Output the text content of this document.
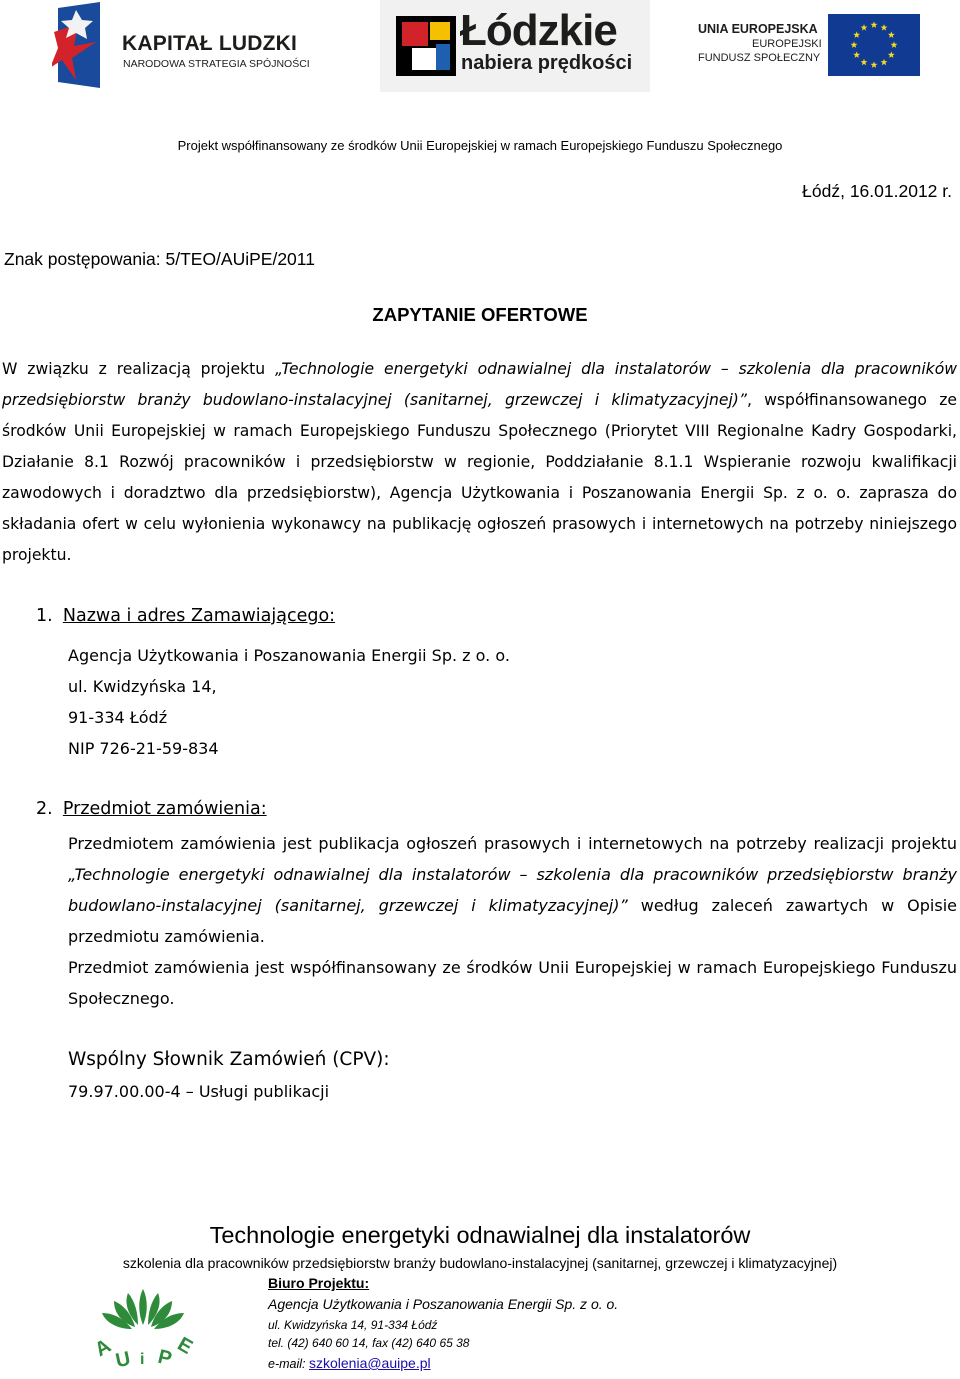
KAPITAŁ LUDZKI
NARODOWA STRATEGIA SPÓJNOŚCI
Łódzkie
nabiera prędkości
UNIA EUROPEJSKA
EUROPEJSKI
FUNDUSZ SPOŁECZNY
Projekt współfinansowany ze środków Unii Europejskiej w ramach Europejskiego Funduszu Społecznego
Łódź, 16.01.2012 r.
Znak postępowania: 5/TEO/AUiPE/2011
ZAPYTANIE OFERTOWE
W związku z realizacją projektu „Technologie energetyki odnawialnej dla instalatorów – szkolenia dla pracowników przedsiębiorstw branży budowlano-instalacyjnej (sanitarnej, grzewczej i klimatyzacyjnej)”, współfinansowanego ze środków Unii Europejskiej w ramach Europejskiego Funduszu Społecznego (Priorytet VIII Regionalne Kadry Gospodarki, Działanie 8.1 Rozwój pracowników i przedsiębiorstw w regionie, Poddziałanie 8.1.1 Wspieranie rozwoju kwalifikacji zawodowych i doradztwo dla przedsiębiorstw), Agencja Użytkowania i Poszanowania Energii Sp. z o. o. zaprasza do składania ofert w celu wyłonienia wykonawcy na publikację ogłoszeń prasowych i internetowych na potrzeby niniejszego projektu.
1. Nazwa i adres Zamawiającego:
Agencja Użytkowania i Poszanowania Energii Sp. z o. o.
ul. Kwidzyńska 14,
91-334 Łódź
NIP 726-21-59-834
2. Przedmiot zamówienia:
Przedmiotem zamówienia jest publikacja ogłoszeń prasowych i internetowych na potrzeby realizacji projektu „Technologie energetyki odnawialnej dla instalatorów – szkolenia dla pracowników przedsiębiorstw branży budowlano-instalacyjnej (sanitarnej, grzewczej i klimatyzacyjnej)” według zaleceń zawartych w Opisie przedmiotu zamówienia.
Przedmiot zamówienia jest współfinansowany ze środków Unii Europejskiej w ramach Europejskiego Funduszu Społecznego.
Wspólny Słownik Zamówień (CPV):
79.97.00.00-4 – Usługi publikacji
Technologie energetyki odnawialnej dla instalatorów
szkolenia dla pracowników przedsiębiorstw branży budowlano-instalacyjnej (sanitarnej, grzewczej i klimatyzacyjnej)
A U i P E
Biuro Projektu:
Agencja Użytkowania i Poszanowania Energii Sp. z o. o.
ul. Kwidzyńska 14, 91-334 Łódź
tel. (42) 640 60 14, fax (42) 640 65 38
e-mail: szkolenia@auipe.pl
